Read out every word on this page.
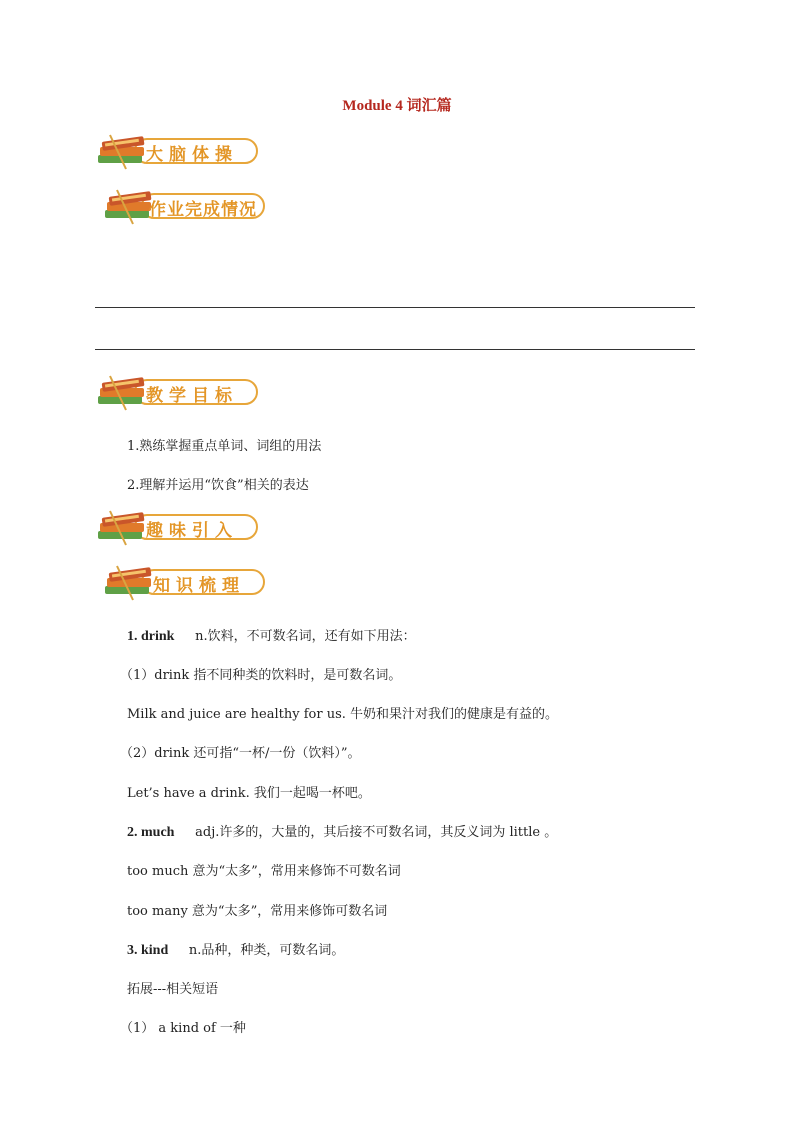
Module 4 词汇篇
大脑体操
作业完成情况
教学目标
1.熟练掌握重点单词、词组的用法
2.理解并运用“饮食”相关的表达
趣味引入
知识梳理
1. drink n.饮料，不可数名词，还有如下用法：
（1）drink 指不同种类的饮料时，是可数名词。
Milk and juice are healthy for us. 牛奶和果汁对我们的健康是有益的。
（2）drink 还可指“一杯/一份（饮料）”。
Let’s have a drink. 我们一起喝一杯吧。
2. much adj.许多的，大量的，其后接不可数名词，其反义词为 little 。
too much 意为“太多”，常用来修饰不可数名词
too many 意为“太多”，常用来修饰可数名词
3. kind n.品种，种类，可数名词。
拓展---相关短语
（1） a kind of 一种
